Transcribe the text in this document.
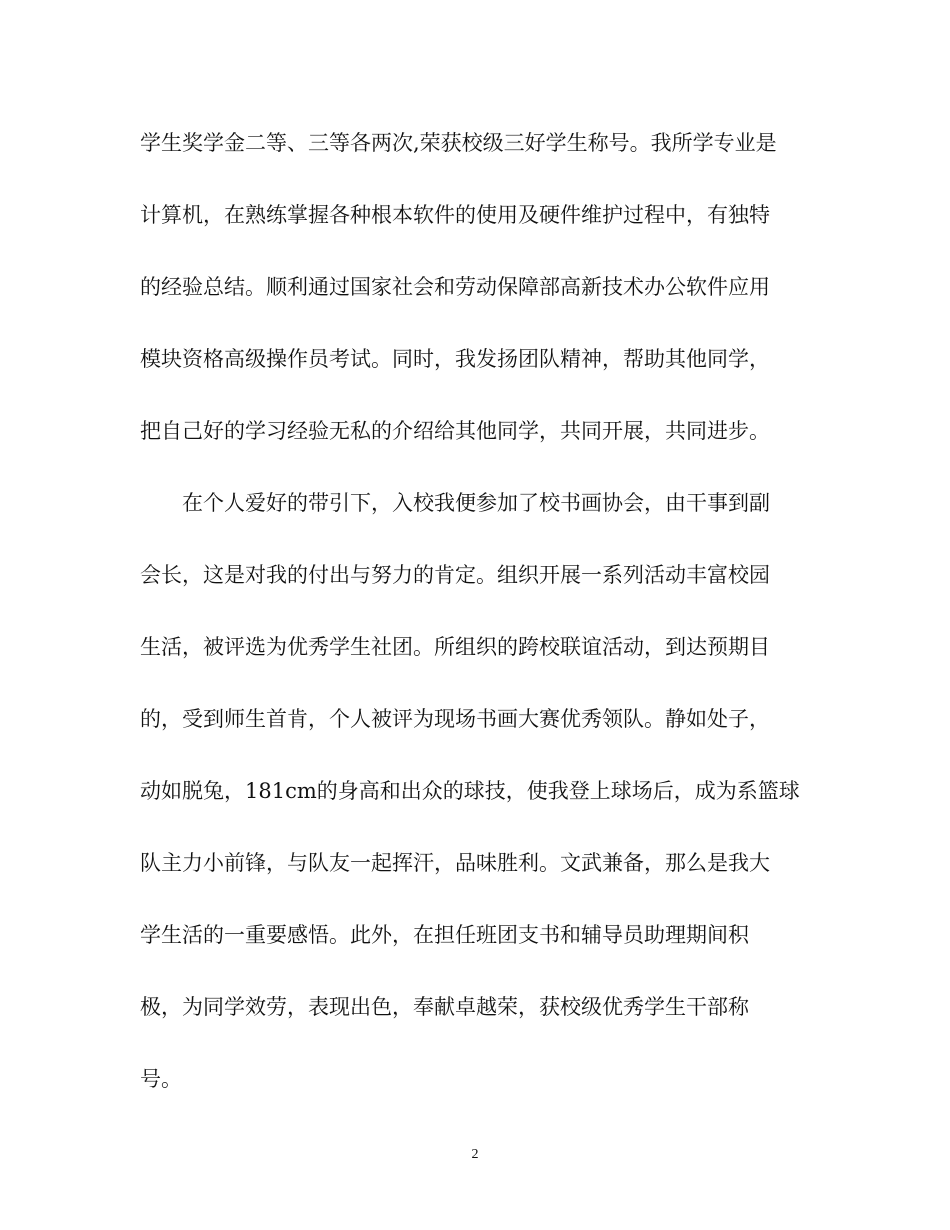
学生奖学金二等、三等各两次,荣获校级三好学生称号。我所学专业是
计算机，在熟练掌握各种根本软件的使用及硬件维护过程中，有独特
的经验总结。顺利通过国家社会和劳动保障部高新技术办公软件应用
模块资格高级操作员考试。同时，我发扬团队精神，帮助其他同学，
把自己好的学习经验无私的介绍给其他同学，共同开展，共同进步。
在个人爱好的带引下，入校我便参加了校书画协会，由干事到副
会长，这是对我的付出与努力的肯定。组织开展一系列活动丰富校园
生活，被评选为优秀学生社团。所组织的跨校联谊活动，到达预期目
的，受到师生首肯，个人被评为现场书画大赛优秀领队。静如处子，
动如脱兔，181cm的身高和出众的球技，使我登上球场后，成为系篮球
队主力小前锋，与队友一起挥汗，品味胜利。文武兼备，那么是我大
学生活的一重要感悟。此外，在担任班团支书和辅导员助理期间积
极，为同学效劳，表现出色，奉献卓越荣，获校级优秀学生干部称
号。
2
